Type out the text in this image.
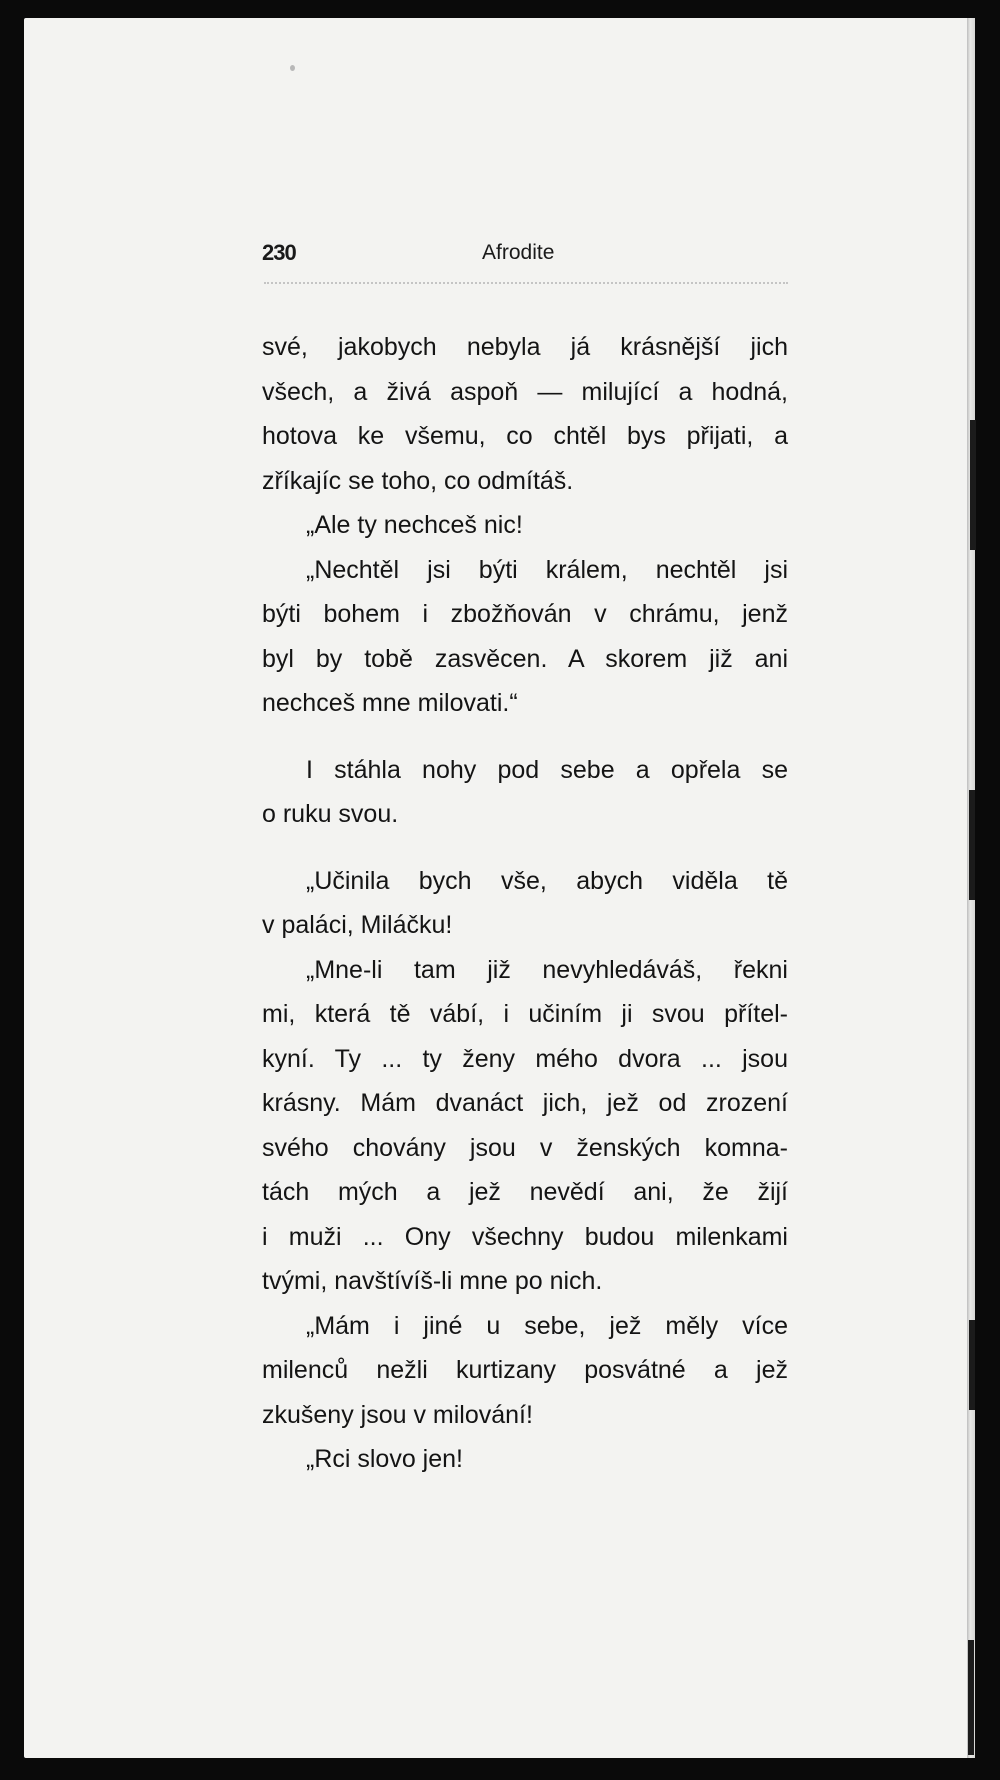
230	Afrodite
své, jakobych nebyla já krásnější jich
všech, a živá aspoň — milující a hodná,
hotova ke všemu, co chtěl bys přijati, a
zříkajíc se toho, co odmítáš.
„Ale ty nechceš nic!
„Nechtěl jsi býti králem, nechtěl jsi
býti bohem i zbožňován v chrámu, jenž
byl by tobě zasvěcen. A skorem již ani
nechceš mne milovati.“
I stáhla nohy pod sebe a opřela se
o ruku svou.
„Učinila bych vše, abych viděla tě
v paláci, Miláčku!
„Mne-li tam již nevyhledáváš, řekni
mi, která tě vábí, i učiním ji svou přítel-
kyní. Ty ... ty ženy mého dvora ... jsou
krásny. Mám dvanáct jich, jež od zrození
svého chovány jsou v ženských komna-
tách mých a jež nevědí ani, že žijí
i muži ... Ony všechny budou milenkami
tvými, navštívíš-li mne po nich.
„Mám i jiné u sebe, jež měly více
milenců nežli kurtizany posvátné a jež
zkušeny jsou v milování!
„Rci slovo jen!
